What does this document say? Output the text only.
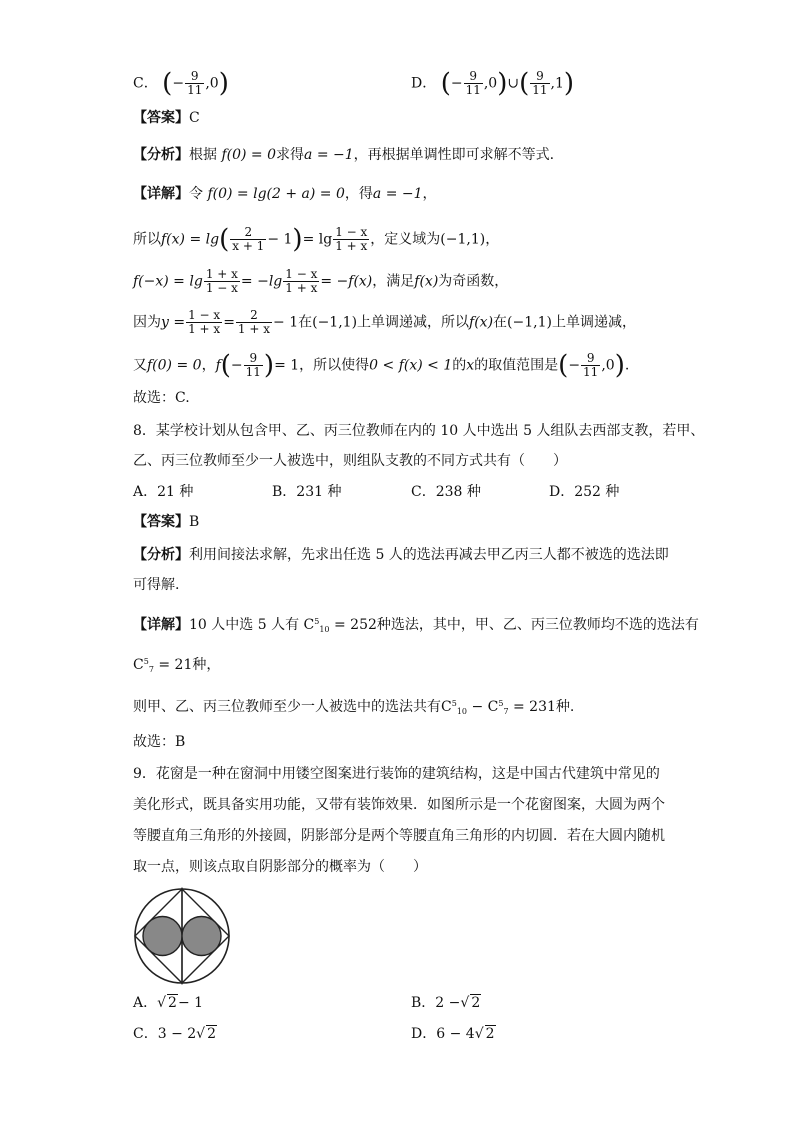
C． (− $\frac{9}{11} ,0$)	D． (− $\frac{9}{11}$ ,0)∪( $\frac{9}{11} ,1$)
【答案】C
【分析】根据 f(0) = 0求得a = −1，再根据单调性即可求解不等式.
【详解】令 f(0) = lg(2 + a) = 0，得a = −1，
所以$f(x) = \lg( \frac{2}{x + 1} - 1)= \lg \frac{1 - x}{1 + x}$ ，定义域为(−1,1)，
$f(-x) = \lg \frac{1 + x}{1 - x} = -\lg \frac{1 - x}{1 + x} = -f(x)$，满足f(x)为奇函数，
因为$y = \frac{1 - x}{1 + x} = \frac{2}{1 + x} - 1$在(−1,1)上单调递减，所以f(x)在(−1,1)上单调递减，
又f(0) = 0，$f(- \frac{9}{11}$ )= 1，所以使得0 < f(x) < 1的x的取值范围是(− $\frac{9}{11} ,0$).
故选：C.
8．某学校计划从包含甲、乙、丙三位教师在内的 10 人中选出 5 人组队去西部支教，若甲、
乙、丙三位教师至少一人被选中，则组队支教的不同方式共有（　　）
A．21 种	B．231 种	C．238 种	D．252 种
【答案】B
【分析】利用间接法求解，先求出任选 5 人的选法再减去甲乙丙三人都不被选的选法即
可得解.
【详解】10 人中选 5 人有 $C^5_{10} = 252$种选法，其中，甲、乙、丙三位教师均不选的选法有
$C^5_7 = 21$种，
则甲、乙、丙三位教师至少一人被选中的选法共有$C^5_{10} - C^5_7 = 231$种.
故选：B
9．花窗是一种在窗洞中用镂空图案进行装饰的建筑结构，这是中国古代建筑中常见的
美化形式，既具备实用功能，又带有装饰效果．如图所示是一个花窗图案，大圆为两个
等腰直角三角形的外接圆，阴影部分是两个等腰直角三角形的内切圆．若在大圆内随机
取一点，则该点取自阴影部分的概率为（　　）
A．√ 2− 1	B．2 −√ 2
C．3 − 2√ 2	D．6 − 4√ 2
